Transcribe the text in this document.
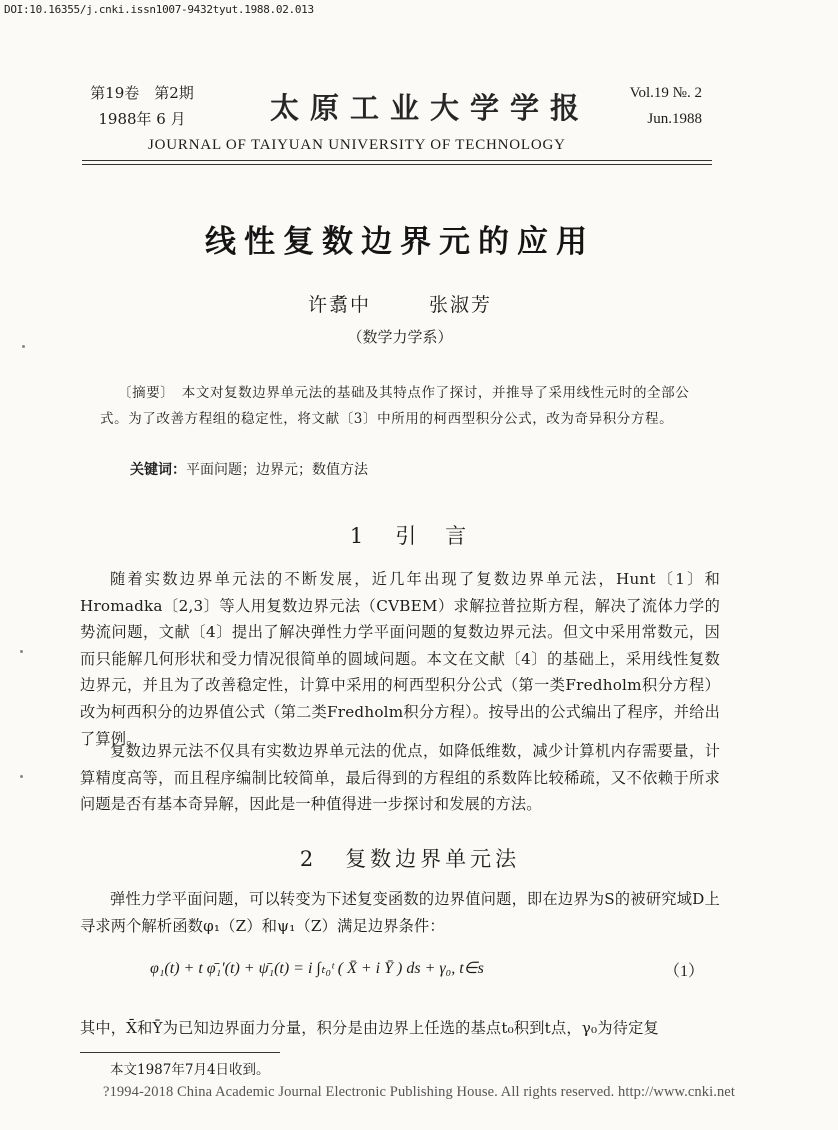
DOI:10.16355/j.cnki.issn1007-9432tyut.1988.02.013
第19卷　第2期
1988年 6 月	太原工业大学学报	Vol.19 №. 2
Jun.1988
JOURNAL OF TAIYUAN UNIVERSITY OF TECHNOLOGY
线性复数边界元的应用
许翥中	张淑芳
（数学力学系）
〔摘要〕　本文对复数边界单元法的基础及其特点作了探讨，并推导了采用线性元时的全部公式。为了改善方程组的稳定性，将文献〔3〕中所用的柯西型积分公式，改为奇异积分方程。
关键词：平面问题；边界元；数值方法
1 引　言
随着实数边界单元法的不断发展，近几年出现了复数边界单元法，Hunt〔1〕和Hromadka〔2,3〕等人用复数边界元法（CVBEM）求解拉普拉斯方程，解决了流体力学的势流问题，文献〔4〕提出了解决弹性力学平面问题的复数边界元法。但文中采用常数元，因而只能解几何形状和受力情况很简单的圆域问题。本文在文献〔4〕的基础上，采用线性复数边界元，并且为了改善稳定性，计算中采用的柯西型积分公式（第一类Fredholm积分方程）改为柯西积分的边界值公式（第二类Fredholm积分方程）。按导出的公式编出了程序，并给出了算例。
复数边界元法不仅具有实数边界单元法的优点，如降低维数，减少计算机内存需要量，计算精度高等，而且程序编制比较简单，最后得到的方程组的系数阵比较稀疏，又不依赖于所求问题是否有基本奇异解，因此是一种值得进一步探讨和发展的方法。
2 复数边界单元法
弹性力学平面问题，可以转变为下述复变函数的边界值问题，即在边界为S的被研究域D上寻求两个解析函数φ₁（Z）和ψ₁（Z）满足边界条件：
φ₁(t) + t φ̄₁′(t) + ψ̄₁(t) = i ∫ₜ₀ᵗ ( X̄ + i Ȳ ) ds + γ₀, t∈s	（1）
其中，X̄和Ȳ为已知边界面力分量，积分是由边界上任选的基点t₀积到t点，γ₀为待定复
本文1987年7月4日收到。
?1994-2018 China Academic Journal Electronic Publishing House. All rights reserved. http://www.cnki.net
